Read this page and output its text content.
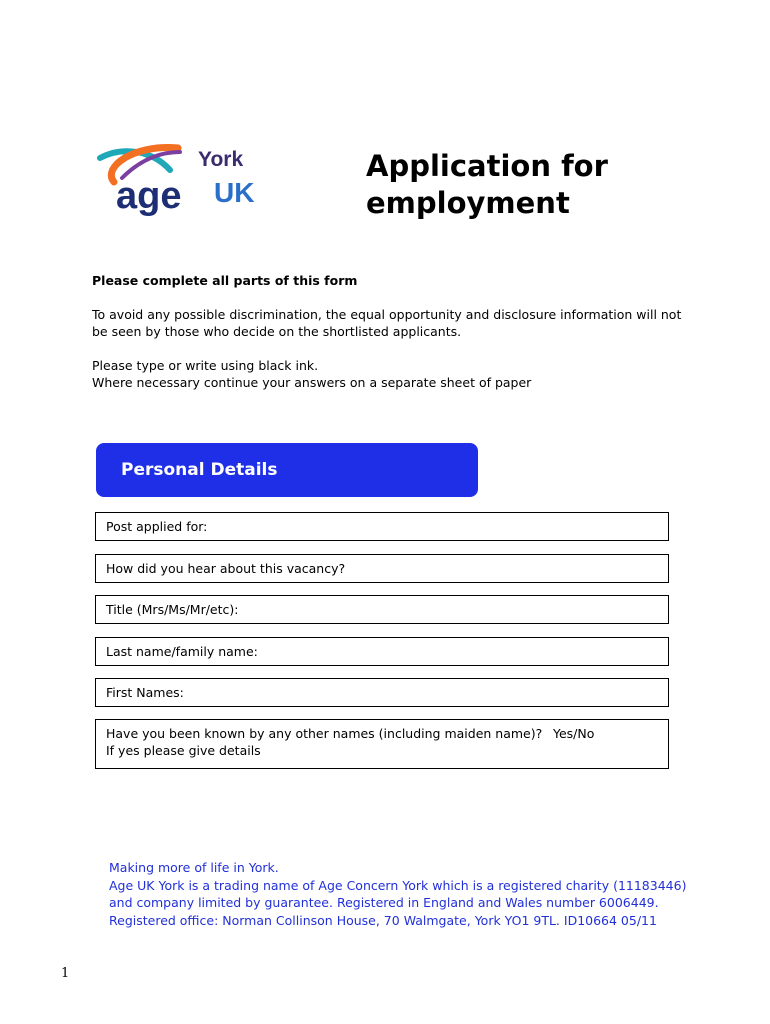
York
age UK
Application for employment

Please complete all parts of this form

To avoid any possible discrimination, the equal opportunity and disclosure information will not be seen by those who decide on the shortlisted applicants.

Please type or write using black ink.

Where necessary continue your answers on a separate sheet of paper

Personal Details
Post applied for:
How did you hear about this vacancy?
Title (Mrs/Ms/Mr/etc):
Last name/family name:
First Names:
Have you been known by any other names (including maiden name)? Yes/No
If yes please give details

Making more of life in York.

Age UK York is a trading name of Age Concern York which is a registered charity (11183446)

and company limited by guarantee. Registered in England and Wales number 6006449.

Registered office: Norman Collinson House, 70 Walmgate, York YO1 9TL. ID10664 05/11

1
